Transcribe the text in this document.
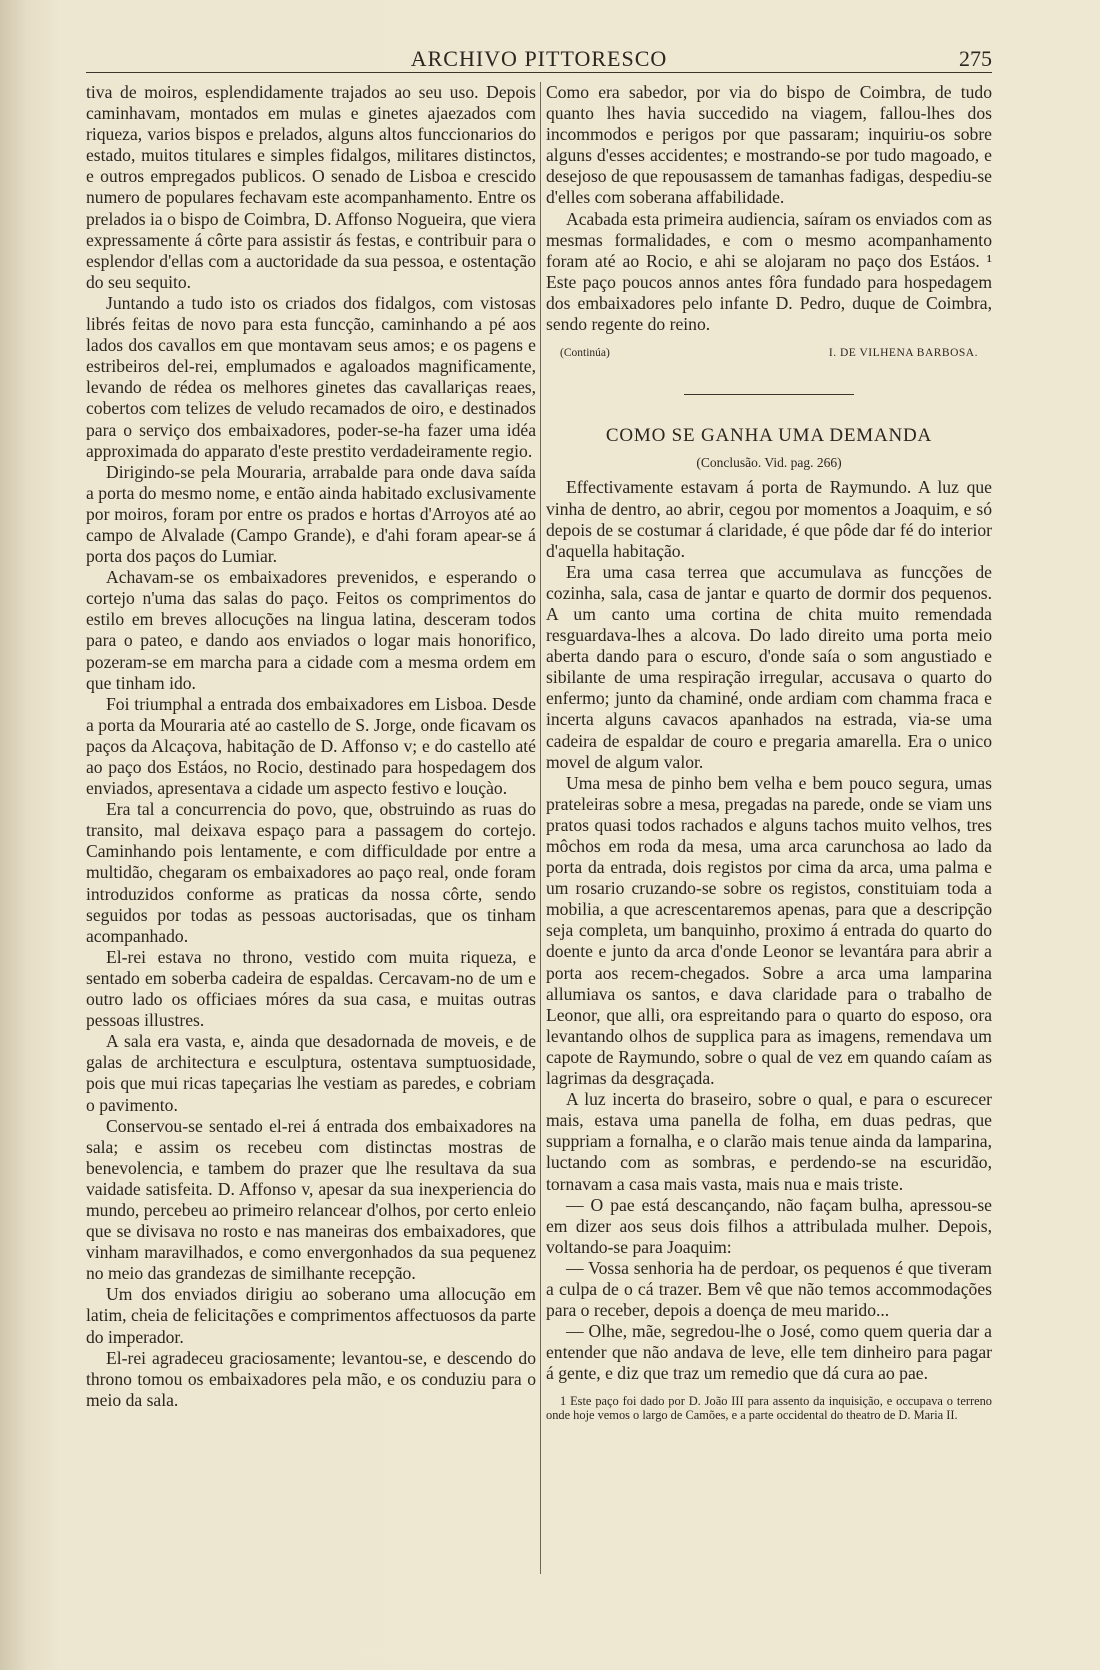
ARCHIVO PITTORESCO	275

tiva de moiros, esplendidamente trajados ao seu uso. Depois caminhavam, montados em mulas e ginetes ajaezados com riqueza, varios bispos e prelados, alguns altos funccionarios do estado, muitos titulares e simples fidalgos, militares distinctos, e outros empregados publicos. O senado de Lisboa e crescido numero de populares fechavam este acompanhamento. Entre os prelados ia o bispo de Coimbra, D. Affonso Nogueira, que viera expressamente á côrte para assistir ás festas, e contribuir para o esplendor d'ellas com a auctoridade da sua pessoa, e ostentação do seu sequito.

Juntando a tudo isto os criados dos fidalgos, com vistosas librés feitas de novo para esta funcção, caminhando a pé aos lados dos cavallos em que montavam seus amos; e os pagens e estribeiros del-rei, emplumados e agaloados magnificamente, levando de rédea os melhores ginetes das cavallariças reaes, cobertos com telizes de veludo recamados de oiro, e destinados para o serviço dos embaixadores, poder-se-ha fazer uma idéa approximada do apparato d'este prestito verdadeiramente regio.

Dirigindo-se pela Mouraria, arrabalde para onde dava saída a porta do mesmo nome, e então ainda habitado exclusivamente por moiros, foram por entre os prados e hortas d'Arroyos até ao campo de Alvalade (Campo Grande), e d'ahi foram apear-se á porta dos paços do Lumiar.

Achavam-se os embaixadores prevenidos, e esperando o cortejo n'uma das salas do paço. Feitos os comprimentos do estilo em breves allocuções na lingua latina, desceram todos para o pateo, e dando aos enviados o logar mais honorifico, pozeram-se em marcha para a cidade com a mesma ordem em que tinham ido.

Foi triumphal a entrada dos embaixadores em Lisboa. Desde a porta da Mouraria até ao castello de S. Jorge, onde ficavam os paços da Alcaçova, habitação de D. Affonso v; e do castello até ao paço dos Estáos, no Rocio, destinado para hospedagem dos enviados, apresentava a cidade um aspecto festivo e louçào.

Era tal a concurrencia do povo, que, obstruindo as ruas do transito, mal deixava espaço para a passagem do cortejo. Caminhando pois lentamente, e com difficuldade por entre a multidão, chegaram os embaixadores ao paço real, onde foram introduzidos conforme as praticas da nossa côrte, sendo seguidos por todas as pessoas auctorisadas, que os tinham acompanhado.

El-rei estava no throno, vestido com muita riqueza, e sentado em soberba cadeira de espaldas. Cercavam-no de um e outro lado os officiaes móres da sua casa, e muitas outras pessoas illustres.

A sala era vasta, e, ainda que desadornada de moveis, e de galas de architectura e esculptura, ostentava sumptuosidade, pois que mui ricas tapeçarias lhe vestiam as paredes, e cobriam o pavimento.

Conservou-se sentado el-rei á entrada dos embaixadores na sala; e assim os recebeu com distinctas mostras de benevolencia, e tambem do prazer que lhe resultava da sua vaidade satisfeita. D. Affonso v, apesar da sua inexperiencia do mundo, percebeu ao primeiro relancear d'olhos, por certo enleio que se divisava no rosto e nas maneiras dos embaixadores, que vinham maravilhados, e como envergonhados da sua pequenez no meio das grandezas de similhante recepção.

Um dos enviados dirigiu ao soberano uma allocução em latim, cheia de felicitações e comprimentos affectuosos da parte do imperador.

El-rei agradeceu graciosamente; levantou-se, e descendo do throno tomou os embaixadores pela mão, e os conduziu para o meio da sala.

Como era sabedor, por via do bispo de Coimbra, de tudo quanto lhes havia succedido na viagem, fallou-lhes dos incommodos e perigos por que passaram; inquiriu-os sobre alguns d'esses accidentes; e mostrando-se por tudo magoado, e desejoso de que repousassem de tamanhas fadigas, despediu-se d'elles com soberana affabilidade.

Acabada esta primeira audiencia, saíram os enviados com as mesmas formalidades, e com o mesmo acompanhamento foram até ao Rocio, e ahi se alojaram no paço dos Estáos. ¹ Este paço poucos annos antes fôra fundado para hospedagem dos embaixadores pelo infante D. Pedro, duque de Coimbra, sendo regente do reino.

(Continúa)	I. DE VILHENA BARBOSA.
COMO SE GANHA UMA DEMANDA
(Conclusão. Vid. pag. 266)

Effectivamente estavam á porta de Raymundo. A luz que vinha de dentro, ao abrir, cegou por momentos a Joaquim, e só depois de se costumar á claridade, é que pôde dar fé do interior d'aquella habitação.

Era uma casa terrea que accumulava as funcções de cozinha, sala, casa de jantar e quarto de dormir dos pequenos. A um canto uma cortina de chita muito remendada resguardava-lhes a alcova. Do lado direito uma porta meio aberta dando para o escuro, d'onde saía o som angustiado e sibilante de uma respiração irregular, accusava o quarto do enfermo; junto da chaminé, onde ardiam com chamma fraca e incerta alguns cavacos apanhados na estrada, via-se uma cadeira de espaldar de couro e pregaria amarella. Era o unico movel de algum valor.

Uma mesa de pinho bem velha e bem pouco segura, umas prateleiras sobre a mesa, pregadas na parede, onde se viam uns pratos quasi todos rachados e alguns tachos muito velhos, tres môchos em roda da mesa, uma arca carunchosa ao lado da porta da entrada, dois registos por cima da arca, uma palma e um rosario cruzando-se sobre os registos, constituiam toda a mobilia, a que acrescentaremos apenas, para que a descripção seja completa, um banquinho, proximo á entrada do quarto do doente e junto da arca d'onde Leonor se levantára para abrir a porta aos recem-chegados. Sobre a arca uma lamparina allumiava os santos, e dava claridade para o trabalho de Leonor, que alli, ora espreitando para o quarto do esposo, ora levantando olhos de supplica para as imagens, remendava um capote de Raymundo, sobre o qual de vez em quando caíam as lagrimas da desgraçada.

A luz incerta do braseiro, sobre o qual, e para o escurecer mais, estava uma panella de folha, em duas pedras, que suppriam a fornalha, e o clarão mais tenue ainda da lamparina, luctando com as sombras, e perdendo-se na escuridão, tornavam a casa mais vasta, mais nua e mais triste.

— O pae está descançando, não façam bulha, apressou-se em dizer aos seus dois filhos a attribulada mulher. Depois, voltando-se para Joaquim:

— Vossa senhoria ha de perdoar, os pequenos é que tiveram a culpa de o cá trazer. Bem vê que não temos accommodações para o receber, depois a doença de meu marido...

— Olhe, mãe, segredou-lhe o José, como quem queria dar a entender que não andava de leve, elle tem dinheiro para pagar á gente, e diz que traz um remedio que dá cura ao pae.

1 Este paço foi dado por D. João III para assento da inquisição, e occupava o terreno onde hoje vemos o largo de Camões, e a parte occidental do theatro de D. Maria II.
